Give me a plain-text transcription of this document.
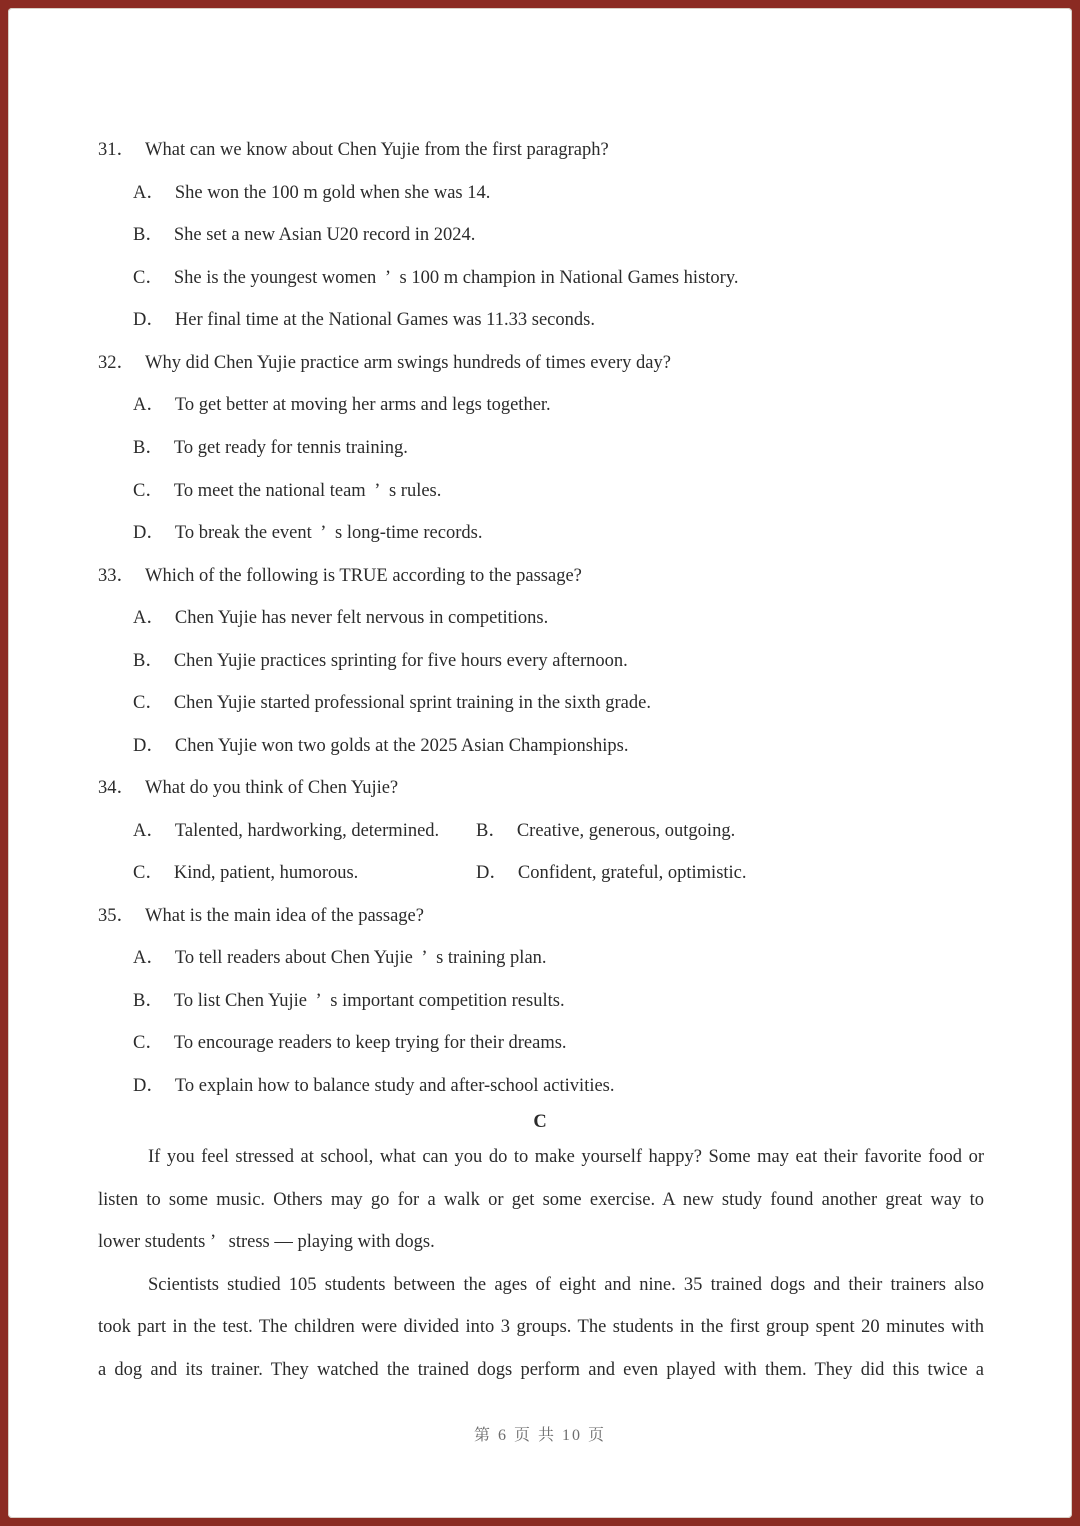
31． What can we know about Chen Yujie from the first paragraph?
A． She won the 100 m gold when she was 14.
B． She set a new Asian U20 record in 2024.
C． She is the youngest women ’ s 100 m champion in National Games history.
D． Her final time at the National Games was 11.33 seconds.
32． Why did Chen Yujie practice arm swings hundreds of times every day?
A． To get better at moving her arms and legs together.
B． To get ready for tennis training.
C． To meet the national team ’ s rules.
D． To break the event ’ s long-time records.
33． Which of the following is TRUE according to the passage?
A． Chen Yujie has never felt nervous in competitions.
B． Chen Yujie practices sprinting for five hours every afternoon.
C． Chen Yujie started professional sprint training in the sixth grade.
D． Chen Yujie won two golds at the 2025 Asian Championships.
34． What do you think of Chen Yujie?
A． Talented, hardworking, determined. B． Creative, generous, outgoing.
C． Kind, patient, humorous.	D． Confident, grateful, optimistic.
35． What is the main idea of the passage?
A． To tell readers about Chen Yujie ’ s training plan.
B． To list Chen Yujie ’ s important competition results.
C． To encourage readers to keep trying for their dreams.
D． To explain how to balance study and after-school activities.
C
If you feel stressed at school, what can you do to make yourself happy? Some may eat their favorite food or
listen to some music. Others may go for a walk or get some exercise. A new study found another great way to
lower students ’ stress — playing with dogs.
Scientists studied 105 students between the ages of eight and nine. 35 trained dogs and their trainers also
took part in the test. The children were divided into 3 groups. The students in the first group spent 20 minutes with
a dog and its trainer. They watched the trained dogs perform and even played with them. They did this twice a
第 6 页 共 10 页
